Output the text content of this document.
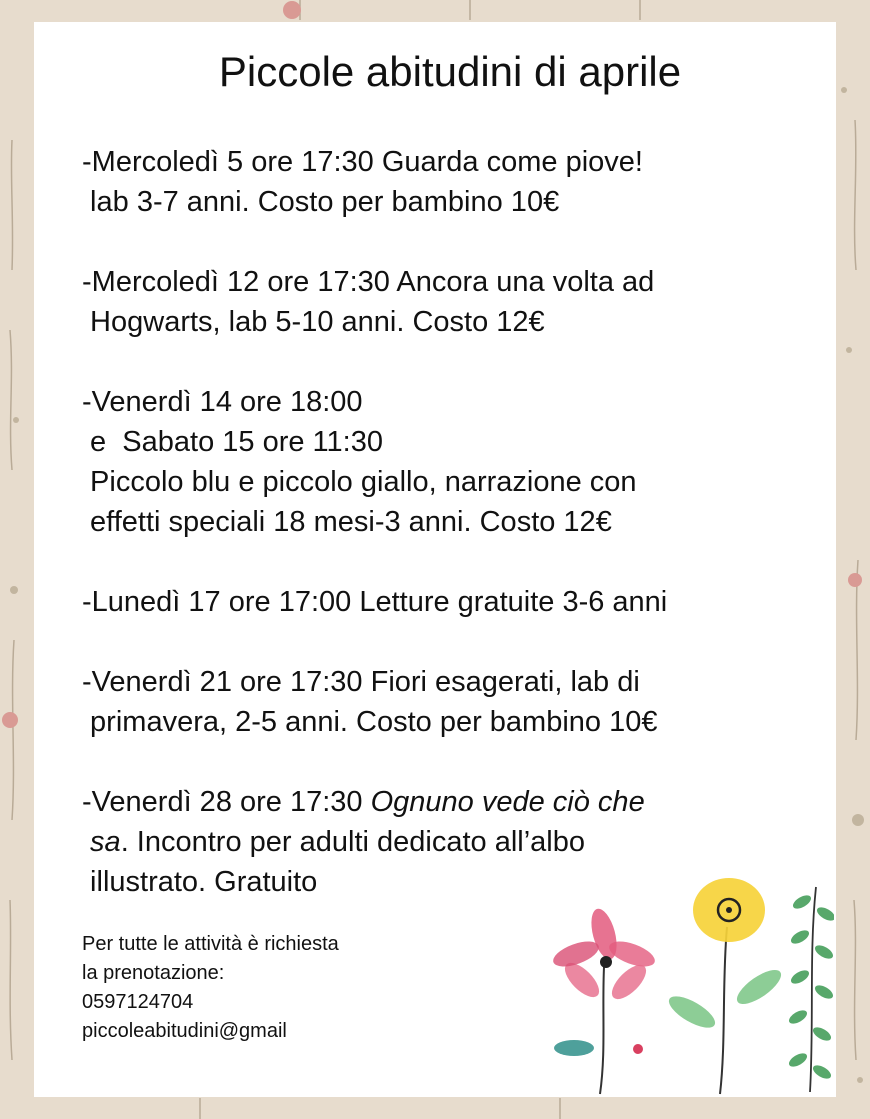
Piccole abitudini di aprile

-Mercoledì 5 ore 17:30 Guarda come piove!

lab 3-7 anni. Costo per bambino 10€

-Mercoledì 12 ore 17:30 Ancora una volta ad

Hogwarts, lab 5-10 anni. Costo 12€

-Venerdì 14 ore 18:00

e  Sabato 15 ore 11:30

Piccolo blu e piccolo giallo, narrazione con

effetti speciali 18 mesi-3 anni. Costo 12€

-Lunedì 17 ore 17:00 Letture gratuite 3-6 anni

-Venerdì 21 ore 17:30 Fiori esagerati, lab di

primavera, 2-5 anni. Costo per bambino 10€

-Venerdì 28 ore 17:30 Ognuno vede ciò che

sa. Incontro per adulti dedicato all’albo

illustrato. Gratuito

Per tutte le attività è richiesta

la prenotazione:

0597124704

piccoleabitudini@gmail
